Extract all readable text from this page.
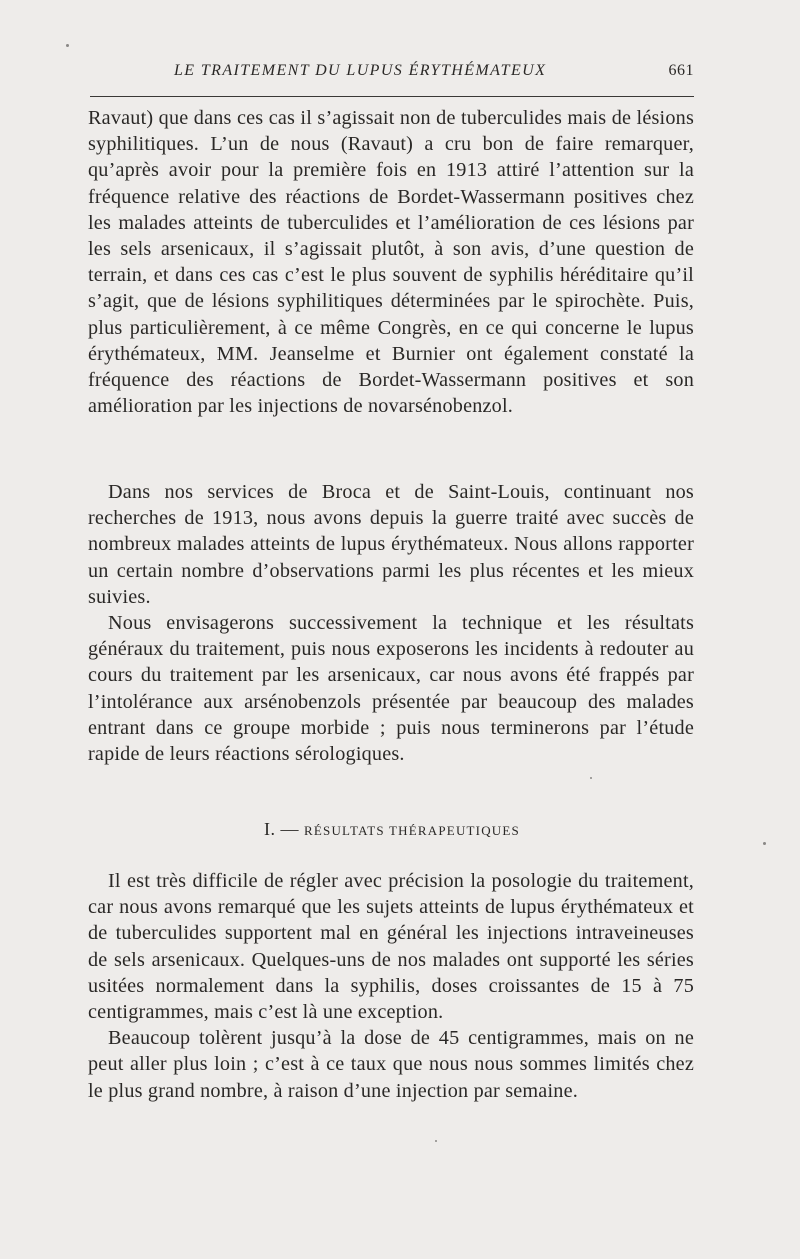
LE TRAITEMENT DU LUPUS ÉRYTHÉMATEUX	661

Ravaut) que dans ces cas il s’agissait non de tuberculides mais de lésions syphilitiques. L’un de nous (Ravaut) a cru bon de faire remarquer, qu’après avoir pour la première fois en 1913 attiré l’attention sur la fréquence relative des réactions de Bordet-Wassermann positives chez les malades atteints de tuberculides et l’amélioration de ces lésions par les sels arsenicaux, il s’agissait plutôt, à son avis, d’une question de terrain, et dans ces cas c’est le plus souvent de syphilis héréditaire qu’il s’agit, que de lésions syphilitiques déterminées par le spirochète. Puis, plus particulièrement, à ce même Congrès, en ce qui concerne le lupus érythémateux, MM. Jeanselme et Burnier ont également constaté la fréquence des réactions de Bordet-Wassermann positives et son amélioration par les injections de novarsénobenzol.

Dans nos services de Broca et de Saint-Louis, continuant nos recherches de 1913, nous avons depuis la guerre traité avec succès de nombreux malades atteints de lupus érythémateux. Nous allons rapporter un certain nombre d’observations parmi les plus récentes et les mieux suivies.

Nous envisagerons successivement la technique et les résultats généraux du traitement, puis nous exposerons les incidents à redouter au cours du traitement par les arsenicaux, car nous avons été frappés par l’intolérance aux arsénobenzols présentée par beaucoup des malades entrant dans ce groupe morbide ; puis nous terminerons par l’étude rapide de leurs réactions sérologiques.

I. — RÉSULTATS THÉRAPEUTIQUES

Il est très difficile de régler avec précision la posologie du traitement, car nous avons remarqué que les sujets atteints de lupus érythémateux et de tuberculides supportent mal en général les injections intraveineuses de sels arsenicaux. Quelques-uns de nos malades ont supporté les séries usitées normalement dans la syphilis, doses croissantes de 15 à 75 centigrammes, mais c’est là une exception.

Beaucoup tolèrent jusqu’à la dose de 45 centigrammes, mais on ne peut aller plus loin ; c’est à ce taux que nous nous sommes limités chez le plus grand nombre, à raison d’une injection par semaine.
